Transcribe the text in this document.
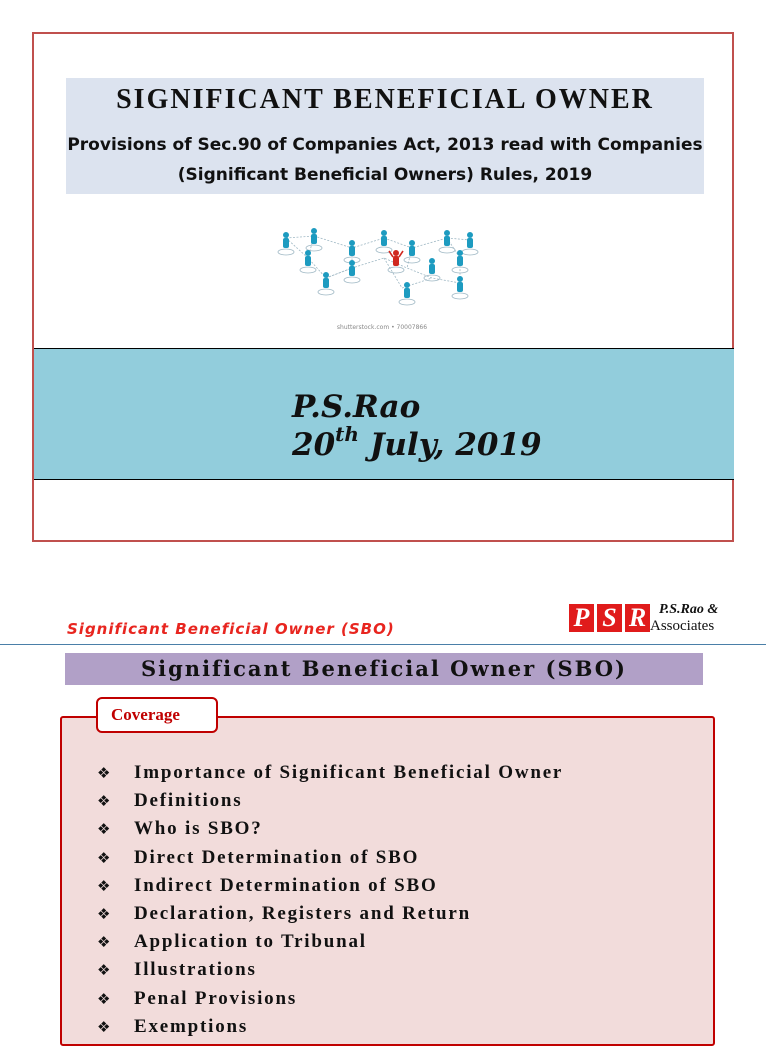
SIGNIFICANT BENEFICIAL OWNER
Provisions of Sec.90 of Companies Act, 2013 read with Companies
(Significant Beneficial Owners) Rules, 2019
shutterstock.com • 70007866
P.S.Rao
20th July, 2019
Significant Beneficial Owner (SBO)	P S R P.S.Rao &
Associates
Significant Beneficial Owner (SBO)
Coverage
❖ Importance of Significant Beneficial Owner
❖ Definitions
❖ Who is SBO?
❖ Direct Determination of SBO
❖ Indirect Determination of SBO
❖ Declaration, Registers and Return
❖ Application to Tribunal
❖ Illustrations
❖ Penal Provisions
❖ Exemptions
